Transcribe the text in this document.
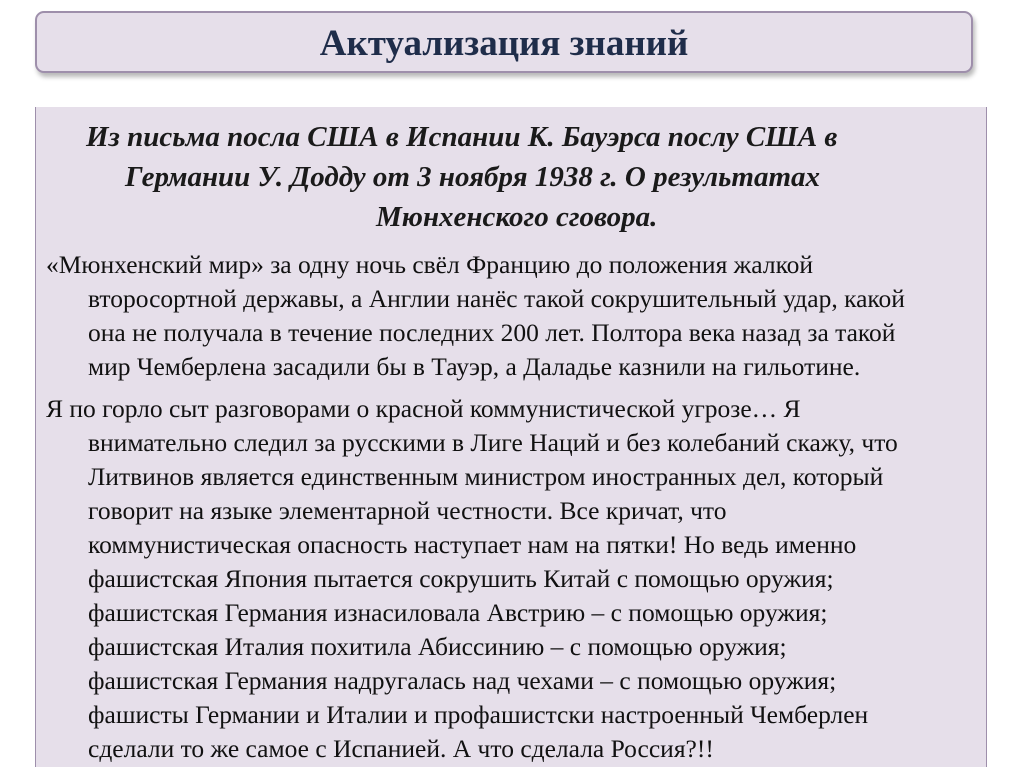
Актуализация знаний
Из письма посла США в Испании К. Бауэрса послу США в
Германии У. Додду от 3 ноября 1938 г. О результатах
Мюнхенского сговора.
«Мюнхенский мир» за одну ночь свёл Францию до положения жалкой
второсортной державы, а Англии нанёс такой сокрушительный удар, какой
она не получала в течение последних 200 лет. Полтора века назад за такой
мир Чемберлена засадили бы в Тауэр, а Даладье казнили на гильотине.
Я по горло сыт разговорами о красной коммунистической угрозе… Я
внимательно следил за русскими в Лиге Наций и без колебаний скажу, что
Литвинов является единственным министром иностранных дел, который
говорит на языке элементарной честности. Все кричат, что
коммунистическая опасность наступает нам на пятки! Но ведь именно
фашистская Япония пытается сокрушить Китай с помощью оружия;
фашистская Германия изнасиловала Австрию – с помощью оружия;
фашистская Италия похитила Абиссинию – с помощью оружия;
фашистская Германия надругалась над чехами – с помощью оружия;
фашисты Германии и Италии и профашистски настроенный Чемберлен
сделали то же самое с Испанией. А что сделала Россия?!!
